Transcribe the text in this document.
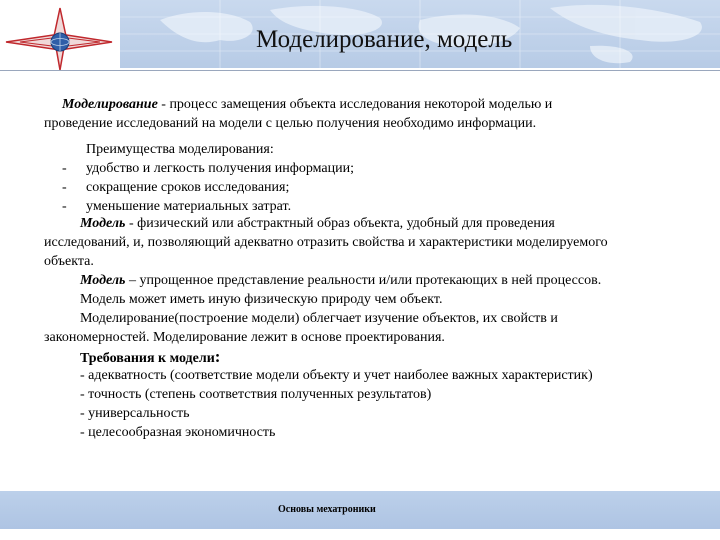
Моделирование, модель
Моделирование - процесс замещения объекта исследования некоторой моделью и
проведение исследований на модели с целью получения необходимо информации.
Преимущества моделирования:
- удобство и легкость получения информации;
- сокращение сроков исследования;
- уменьшение материальных затрат.
Модель - физический или абстрактный образ объекта, удобный для проведения
исследований, и, позволяющий адекватно отразить свойства и характеристики моделируемого
объекта.
Модель – упрощенное представление реальности и/или протекающих в ней процессов.
Модель может иметь иную физическую природу чем объект.
Моделирование(построение модели) облегчает изучение объектов, их свойств и
закономерностей. Моделирование лежит в основе проектирования.
Требования к модели:
- адекватность (соответствие модели объекту и учет наиболее важных характеристик)
- точность (степень соответствия полученных результатов)
- универсальность
- целесообразная экономичность
Основы мехатроники
